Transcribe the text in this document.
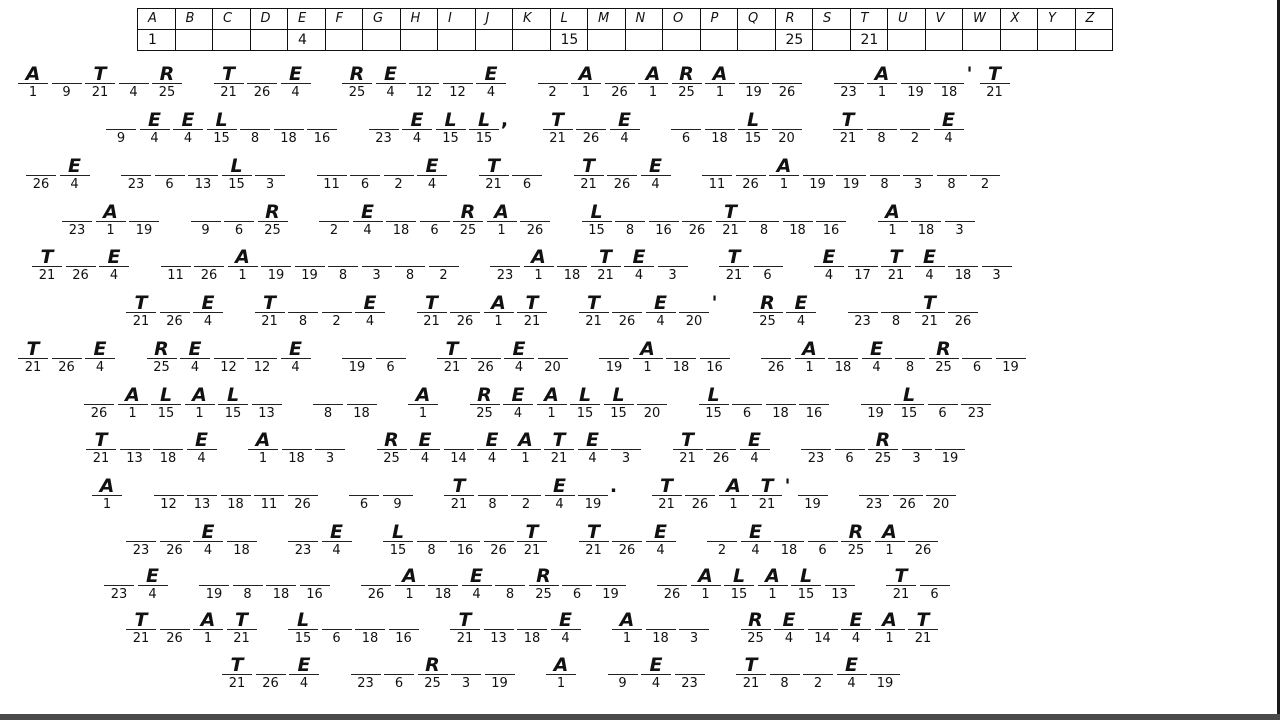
A	B	C	D	E	F	G	H	I	J	K	L	M	N	O	P	Q	R	S	T	U	V	W	X	Y	Z
1				4							15						25		21						
A
1	9
T
21	4
R
25
T
21	26
E
4
R
25
E
4	12	12
E
4	2
A
1	26
A
1
R
25
A
1	19	26	23
A
1	19	18
' T
21
9
E
4
E
4
L
15	8	18	16	23
E
4
L
15
L
15
,	T
21	26
E
4	6	18
L
15	20
T
21	8	2
E
4
26
E
4	23	6	13
L
15	3	11	6	2
E
4
T
21	6
T
21	26
E
4	11	26
A
1	19	19	8	3	8	2
23
A
1	19	9	6
R
25	2
E
4	18	6
R
25
A
1	26
L
15	8	16	26
T
21	8	18	16
A
1	18	3
T
21	26
E
4	11	26
A
1	19	19	8	3	8	2	23
A
1	18
T
21
E
4	3
T
21	6
E
4	17
T
21
E
4	18	3
T
21	26
E
4
T
21	8	2
E
4
T
21	26
A
1
T
21
T
21	26
E
4	20
'	R
25
E
4	23	8
T
21	26
T
21	26
E
4
R
25
E
4	12	12
E
4	19	6
T
21	26
E
4	20	19
A
1	18	16	26
A
1	18
E
4	8
R
25	6	19
26
A
1
L
15
A
1
L
15	13	8	18
A
1
R
25
E
4
A
1
L
15
L
15	20
L
15	6	18	16	19
L
15	6	23
T
21	13	18
E
4
A
1	18	3
R
25
E
4	14
E
4
A
1
T
21
E
4	3
T
21	26
E
4	23	6
R
25	3	19
A
1	12	13	18	11	26	6	9
T
21	8	2
E
4	19
.	T
21	26
A
1
T
21
'
19	23	26	20
23	26
E
4	18	23
E
4
L
15	8	16	26
T
21
T
21	26
E
4	2
E
4	18	6
R
25
A
1	26
23
E
4	19	8	18	16	26
A
1	18
E
4	8
R
25	6	19	26
A
1
L
15
A
1
L
15	13
T
21	6
T
21	26
A
1
T
21
L
15	6	18	16
T
21	13	18
E
4
A
1	18	3
R
25
E
4	14
E
4
A
1
T
21
T
21	26
E
4	23	6
R
25	3	19
A
1	9
E
4	23
T
21	8	2
E
4	19
